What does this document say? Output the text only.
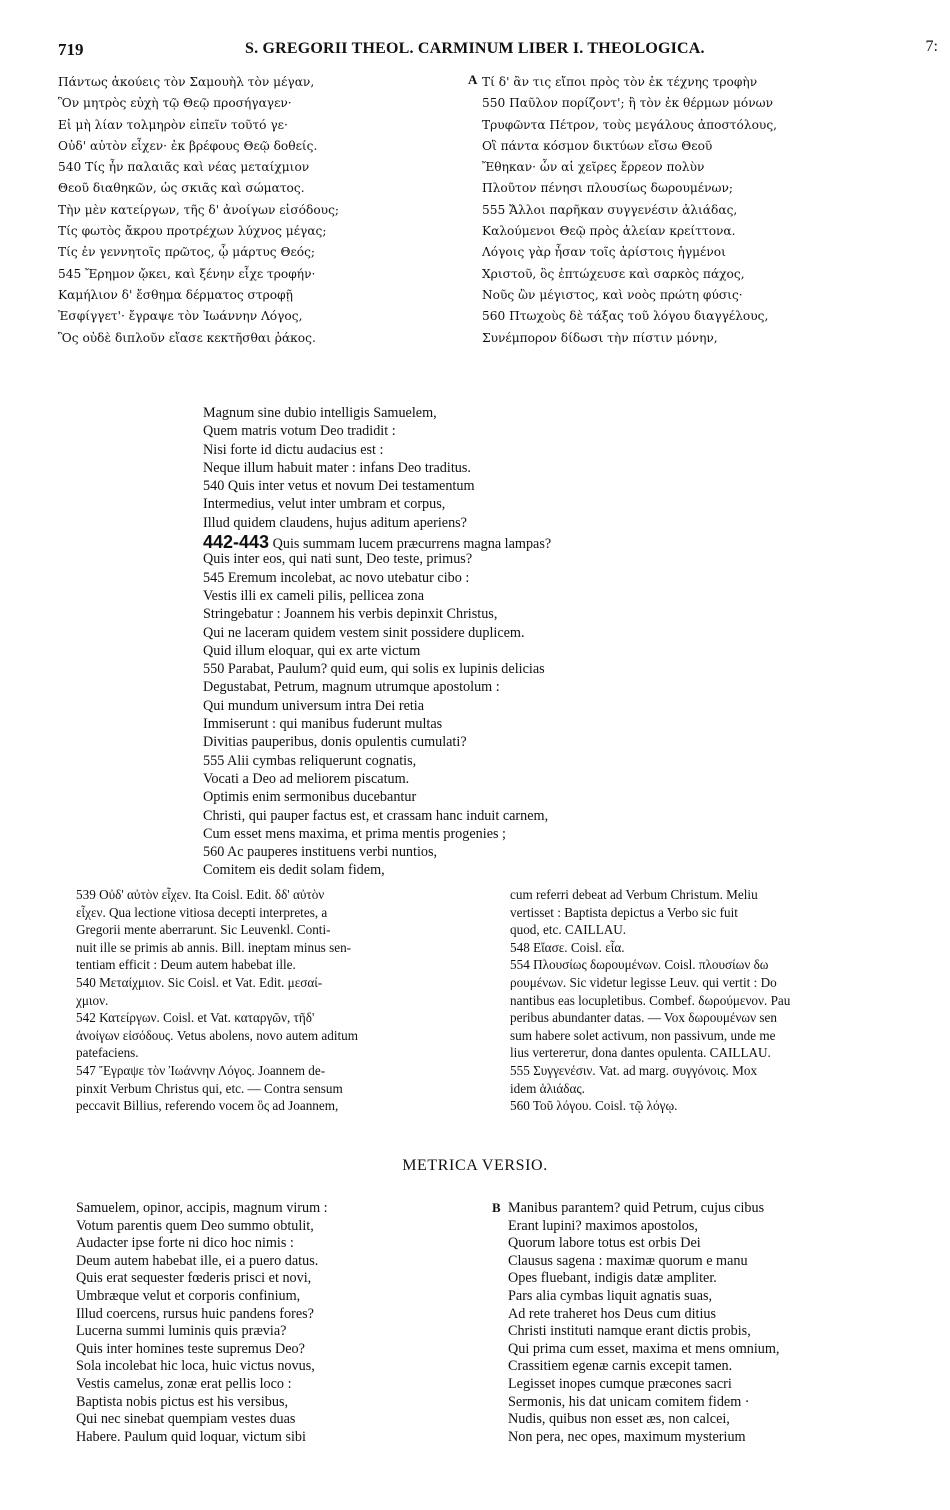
719	S. GREGORII THEOL. CARMINUM LIBER I. THEOLOGICA.	7:
Πάντως ἀκούεις τὸν Σαμουὴλ τὸν μέγαν,
Ὃν μητρὸς εὐχὴ τῷ Θεῷ προσήγαγεν·
Εἰ μὴ λίαν τολμηρὸν εἰπεῖν τοῦτό γε·
Οὐδ' αὐτὸν εἶχεν· ἐκ βρέφους Θεῷ δοθείς.
540 Τίς ἦν παλαιᾶς καὶ νέας μεταίχμιον
Θεοῦ διαθηκῶν, ὡς σκιᾶς καὶ σώματος.
Τὴν μὲν κατείργων, τῆς δ' ἀνοίγων εἰσόδους;
Τίς φωτὸς ἄκρου προτρέχων λύχνος μέγας;
Τίς ἐν γεννητοῖς πρῶτος, ᾧ μάρτυς Θεός;
545 Ἔρημον ᾤκει, καὶ ξένην εἶχε τροφήν·
Καμήλιον δ' ἔσθημα δέρματος στροφῇ
Ἐσφίγγετ'· ἔγραψε τὸν Ἰωάννην Λόγος,
Ὃς οὐδὲ διπλοῦν εἴασε κεκτῆσθαι ῥάκος.
A Τί δ' ἂν τις εἴποι πρὸς τὸν ἐκ τέχνης τροφὴν
550 Παῦλον πορίζοντ'; ἢ τὸν ἐκ θέρμων μόνων
Τρυφῶντα Πέτρον, τοὺς μεγάλους ἀποστόλους,
Οἳ πάντα κόσμον δικτύων εἴσω Θεοῦ
Ἔθηκαν· ὧν αἱ χεῖρες ἔρρεον πολὺν
Πλοῦτον πένησι πλουσίως δωρουμένων;
555 Ἄλλοι παρῆκαν συγγενέσιν ἁλιάδας,
Καλούμενοι Θεῷ πρὸς ἁλείαν κρείττονα.
Λόγοις γὰρ ἦσαν τοῖς ἀρίστοις ἡγμένοι
Χριστοῦ, ὃς ἐπτώχευσε καὶ σαρκὸς πάχος,
Νοῦς ὢν μέγιστος, καὶ νοὸς πρώτη φύσις·
560 Πτωχοὺς δὲ τάξας τοῦ λόγου διαγγέλους,
Συνέμπορον δίδωσι τὴν πίστιν μόνην,
Magnum sine dubio intelligis Samuelem,
Quem matris votum Deo tradidit :
Nisi forte id dictu audacius est :
Neque illum habuit mater : infans Deo traditus.
540 Quis inter vetus et novum Dei testamentum
Intermedius, velut inter umbram et corpus,
Illud quidem claudens, hujus aditum aperiens?
442-443 Quis summam lucem præcurrens magna lampas?
Quis inter eos, qui nati sunt, Deo teste, primus?
545 Eremum incolebat, ac novo utebatur cibo :
Vestis illi ex cameli pilis, pellicea zona
Stringebatur : Joannem his verbis depinxit Christus,
Qui ne laceram quidem vestem sinit possidere duplicem.
Quid illum eloquar, qui ex arte victum
550 Parabat, Paulum? quid eum, qui solis ex lupinis delicias
Degustabat, Petrum, magnum utrumque apostolum :
Qui mundum universum intra Dei retia
Immiserunt : qui manibus fuderunt multas
Divitias pauperibus, donis opulentis cumulati?
555 Alii cymbas reliquerunt cognatis,
Vocati a Deo ad meliorem piscatum.
Optimis enim sermonibus ducebantur
Christi, qui pauper factus est, et crassam hanc induit carnem,
Cum esset mens maxima, et prima mentis progenies ;
560 Ac pauperes instituens verbi nuntios,
Comitem eis dedit solam fidem,
539 Οὐδ' αὐτὸν εἶχεν. Ita Coisl. Edit. δδ' αὐτὸν
εἶχεν. Qua lectione vitiosa decepti interpretes, a
Gregorii mente aberrarunt. Sic Leuvenkl. Conti-
nuit ille se primis ab annis. Bill. ineptam minus sen-
tentiam efficit : Deum autem habebat ille.
540 Μεταίχμιον. Sic Coisl. et Vat. Edit. μεσαί-
χμιον.
542 Κατείργων. Coisl. et Vat. καταργῶν, τῆδ'
ἀνοίγων εἰσόδους. Vetus abolens, novo autem aditum
patefaciens.
547 Ἔγραψε τὸν Ἰωάννην Λόγος. Joannem de-
pinxit Verbum Christus qui, etc. — Contra sensum
peccavit Billius, referendo vocem ὃς ad Joannem,
cum referri debeat ad Verbum Christum. Meliu
vertisset : Baptista depictus a Verbo sic fuit
quod, etc. CAILLAU.
548 Εἴασε. Coisl. εἶα.
554 Πλουσίως δωρουμένων. Coisl. πλουσίων δω
ρουμένων. Sic videtur legisse Leuv. qui vertit : Do
nantibus eas locupletibus. Combef. δωρούμενον. Pau
peribus abundanter datas. — Vox δωρουμένων sen
sum habere solet activum, non passivum, unde me
lius vertereтur, dona dantes opulenta. CAILLAU.
555 Συγγενέσιν. Vat. ad marg. συγγόνοις. Mox
idem ἁλιάδας.
560 Τοῦ λόγου. Coisl. τῷ λόγῳ.
METRICA VERSIO.
Samuelem, opinor, accipis, magnum virum :
Votum parentis quem Deo summo obtulit,
Audacter ipse forte ni dico hoc nimis :
Deum autem habebat ille, ei a puero datus.
Quis erat sequester fœderis prisci et novi,
Umbræque velut et corporis confinium,
Illud coercens, rursus huic pandens fores?
Lucerna summi luminis quis prævia?
Quis inter homines teste supremus Deo?
Sola incolebat hic loca, huic victus novus,
Vestis camelus, zonæ erat pellis loco :
Baptista nobis pictus est his versibus,
Qui nec sinebat quempiam vestes duas
Habere. Paulum quid loquar, victum sibi
B Manibus parantem? quid Petrum, cujus cibus
Erant lupini? maximos apostolos,
Quorum labore totus est orbis Dei
Clausus sagena : maximæ quorum e manu
Opes fluebant, indigis datæ ampliter.
Pars alia cymbas liquit agnatis suas,
Ad rete traheret hos Deus cum ditius
Christi instituti namque erant dictis probis,
Qui prima cum esset, maxima et mens omnium,
Crassitiem egenæ carnis excepit tamen.
Legisset inopes cumque præcones sacri
Sermonis, his dat unicam comitem fidem ·
Nudis, quibus non esset æs, non calcei,
Non pera, nec opes, maximum mysterium
